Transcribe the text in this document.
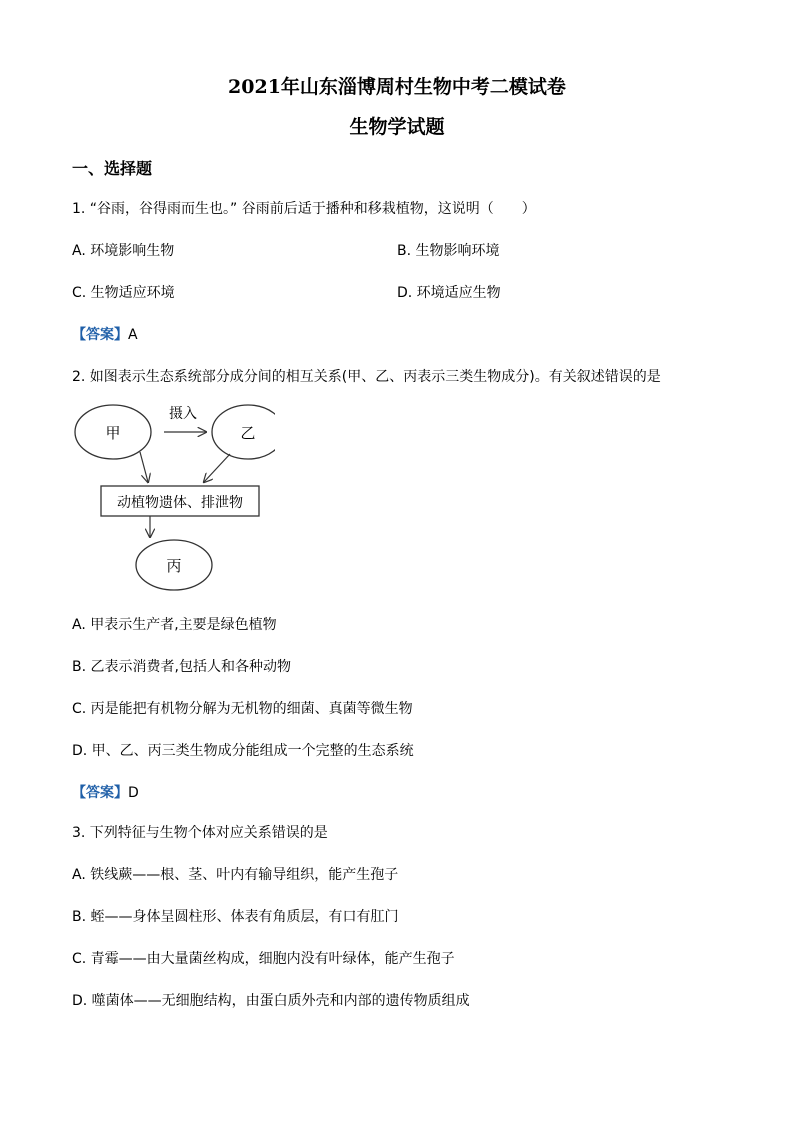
2021年山东淄博周村生物中考二模试卷
生物学试题
一、选择题
1. “谷雨，谷得雨而生也。” 谷雨前后适于播种和移栽植物，这说明（　　）
A. 环境影响生物	B. 生物影响环境
C. 生物适应环境	D. 环境适应生物
【答案】A
2. 如图表示生态系统部分成分间的相互关系(甲、乙、丙表示三类生物成分)。有关叙述错误的是
甲	乙
摄入
动植物遗体、排泄物
丙
A. 甲表示生产者,主要是绿色植物
B. 乙表示消费者,包括人和各种动物
C. 丙是能把有机物分解为无机物的细菌、真菌等微生物
D. 甲、乙、丙三类生物成分能组成一个完整的生态系统
【答案】D
3. 下列特征与生物个体对应关系错误的是
A. 铁线蕨——根、茎、叶内有输导组织，能产生孢子
B. 蛭——身体呈圆柱形、体表有角质层，有口有肛门
C. 青霉——由大量菌丝构成，细胞内没有叶绿体，能产生孢子
D. 噬菌体——无细胞结构，由蛋白质外壳和内部的遗传物质组成
